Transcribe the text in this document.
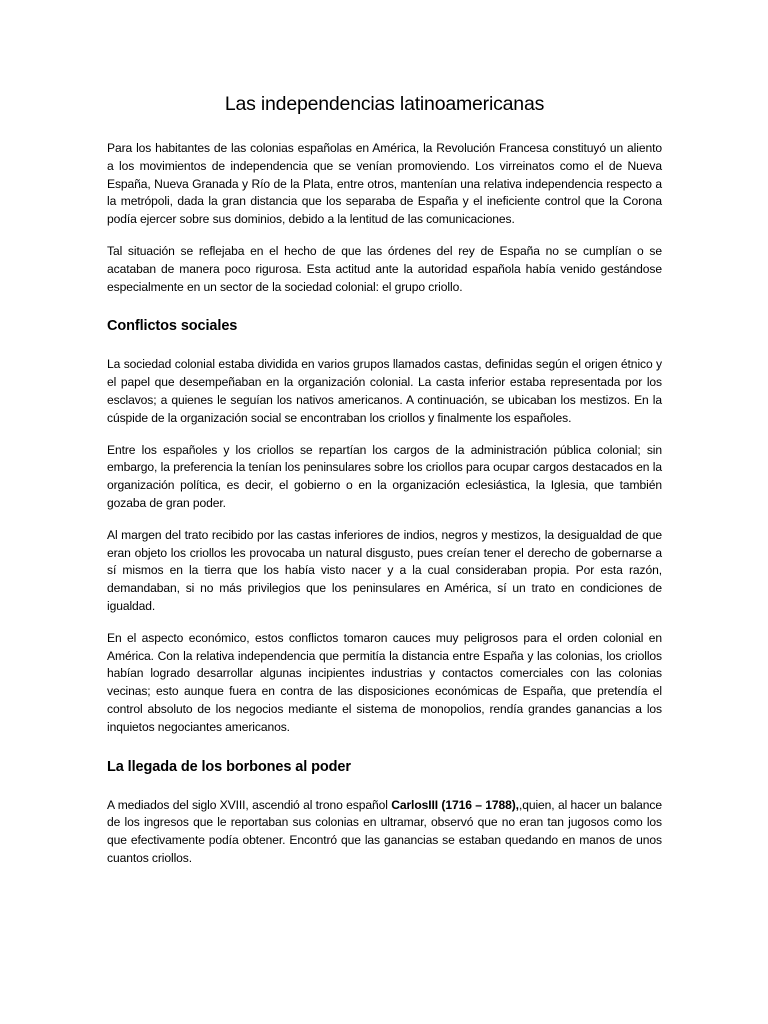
Las independencias latinoamericanas

Para los habitantes de las colonias españolas en América, la Revolución Francesa constituyó un aliento a los movimientos de independencia que se venían promoviendo. Los virreinatos como el de Nueva España, Nueva Granada y Río de la Plata, entre otros, mantenían una relativa independencia respecto a la metrópoli, dada la gran distancia que los separaba de España y el ineficiente control que la Corona podía ejercer sobre sus dominios, debido a la lentitud de las comunicaciones.

Tal situación se reflejaba en el hecho de que las órdenes del rey de España no se cumplían o se acataban de manera poco rigurosa. Esta actitud ante la autoridad española había venido gestándose especialmente en un sector de la sociedad colonial: el grupo criollo.

Conflictos sociales

La sociedad colonial estaba dividida en varios grupos llamados castas, definidas según el origen étnico y el papel que desempeñaban en la organización colonial. La casta inferior estaba representada por los esclavos; a quienes le seguían los nativos americanos. A continuación, se ubicaban los mestizos. En la cúspide de la organización social se encontraban los criollos y finalmente los españoles.

Entre los españoles y los criollos se repartían los cargos de la administración pública colonial; sin embargo, la preferencia la tenían los peninsulares sobre los criollos para ocupar cargos destacados en la organización política, es decir, el gobierno o en la organización eclesiástica, la Iglesia, que también gozaba de gran poder.

Al margen del trato recibido por las castas inferiores de indios, negros y mestizos, la desigualdad de que eran objeto los criollos les provocaba un natural disgusto, pues creían tener el derecho de gobernarse a sí mismos en la tierra que los había visto nacer y a la cual consideraban propia. Por esta razón, demandaban, si no más privilegios que los peninsulares en América, sí un trato en condiciones de igualdad.

En el aspecto económico, estos conflictos tomaron cauces muy peligrosos para el orden colonial en América. Con la relativa independencia que permitía la distancia entre España y las colonias, los criollos habían logrado desarrollar algunas incipientes industrias y contactos comerciales con las colonias vecinas; esto aunque fuera en contra de las disposiciones económicas de España, que pretendía el control absoluto de los negocios mediante el sistema de monopolios, rendía grandes ganancias a los inquietos negociantes americanos.

La llegada de los borbones al poder

A mediados del siglo XVIII, ascendió al trono español CarlosIII (1716 – 1788),,quien, al hacer un balance de los ingresos que le reportaban sus colonias en ultramar, observó que no eran tan jugosos como los que efectivamente podía obtener. Encontró que las ganancias se estaban quedando en manos de unos cuantos criollos.
